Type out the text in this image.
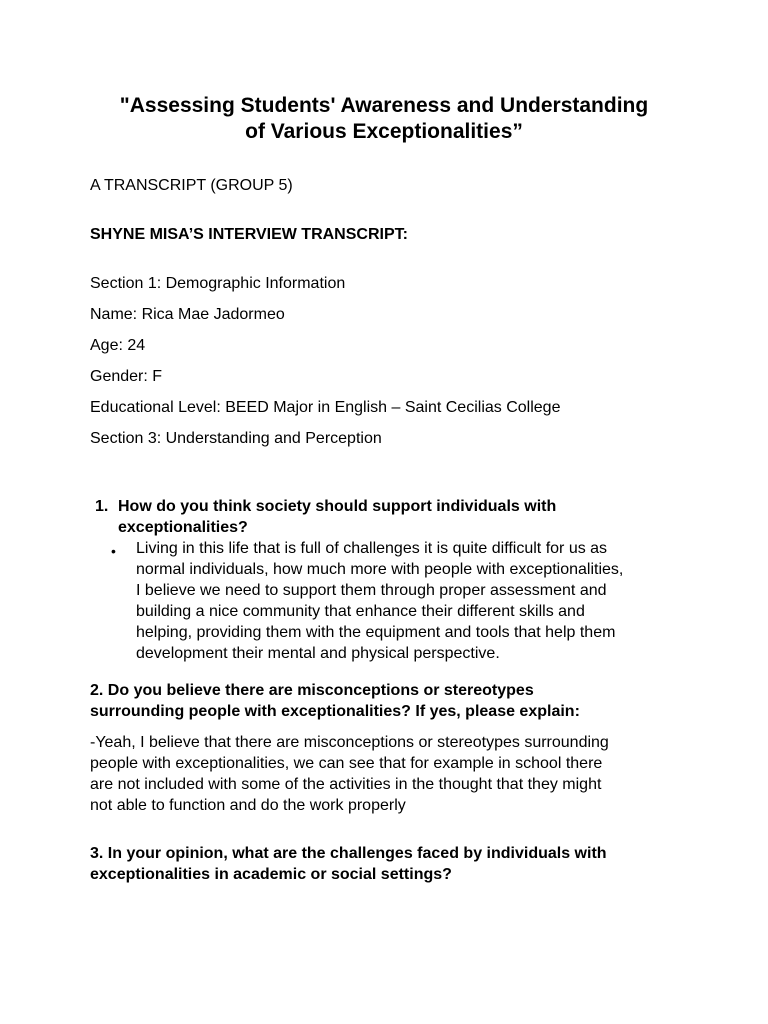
"Assessing Students' Awareness and Understanding
of Various Exceptionalities”
A TRANSCRIPT (GROUP 5)
SHYNE MISA’S INTERVIEW TRANSCRIPT:
Section 1: Demographic Information
Name: Rica Mae Jadormeo
Age: 24
Gender: F
Educational Level: BEED Major in English – Saint Cecilias College
Section 3: Understanding and Perception
1. How do you think society should support individuals with
exceptionalities?
• Living in this life that is full of challenges it is quite difficult for us as
normal individuals, how much more with people with exceptionalities,
I believe we need to support them through proper assessment and
building a nice community that enhance their different skills and
helping, providing them with the equipment and tools that help them
development their mental and physical perspective.
2. Do you believe there are misconceptions or stereotypes
surrounding people with exceptionalities? If yes, please explain:
-Yeah, I believe that there are misconceptions or stereotypes surrounding
people with exceptionalities, we can see that for example in school there
are not included with some of the activities in the thought that they might
not able to function and do the work properly
3. In your opinion, what are the challenges faced by individuals with
exceptionalities in academic or social settings?
